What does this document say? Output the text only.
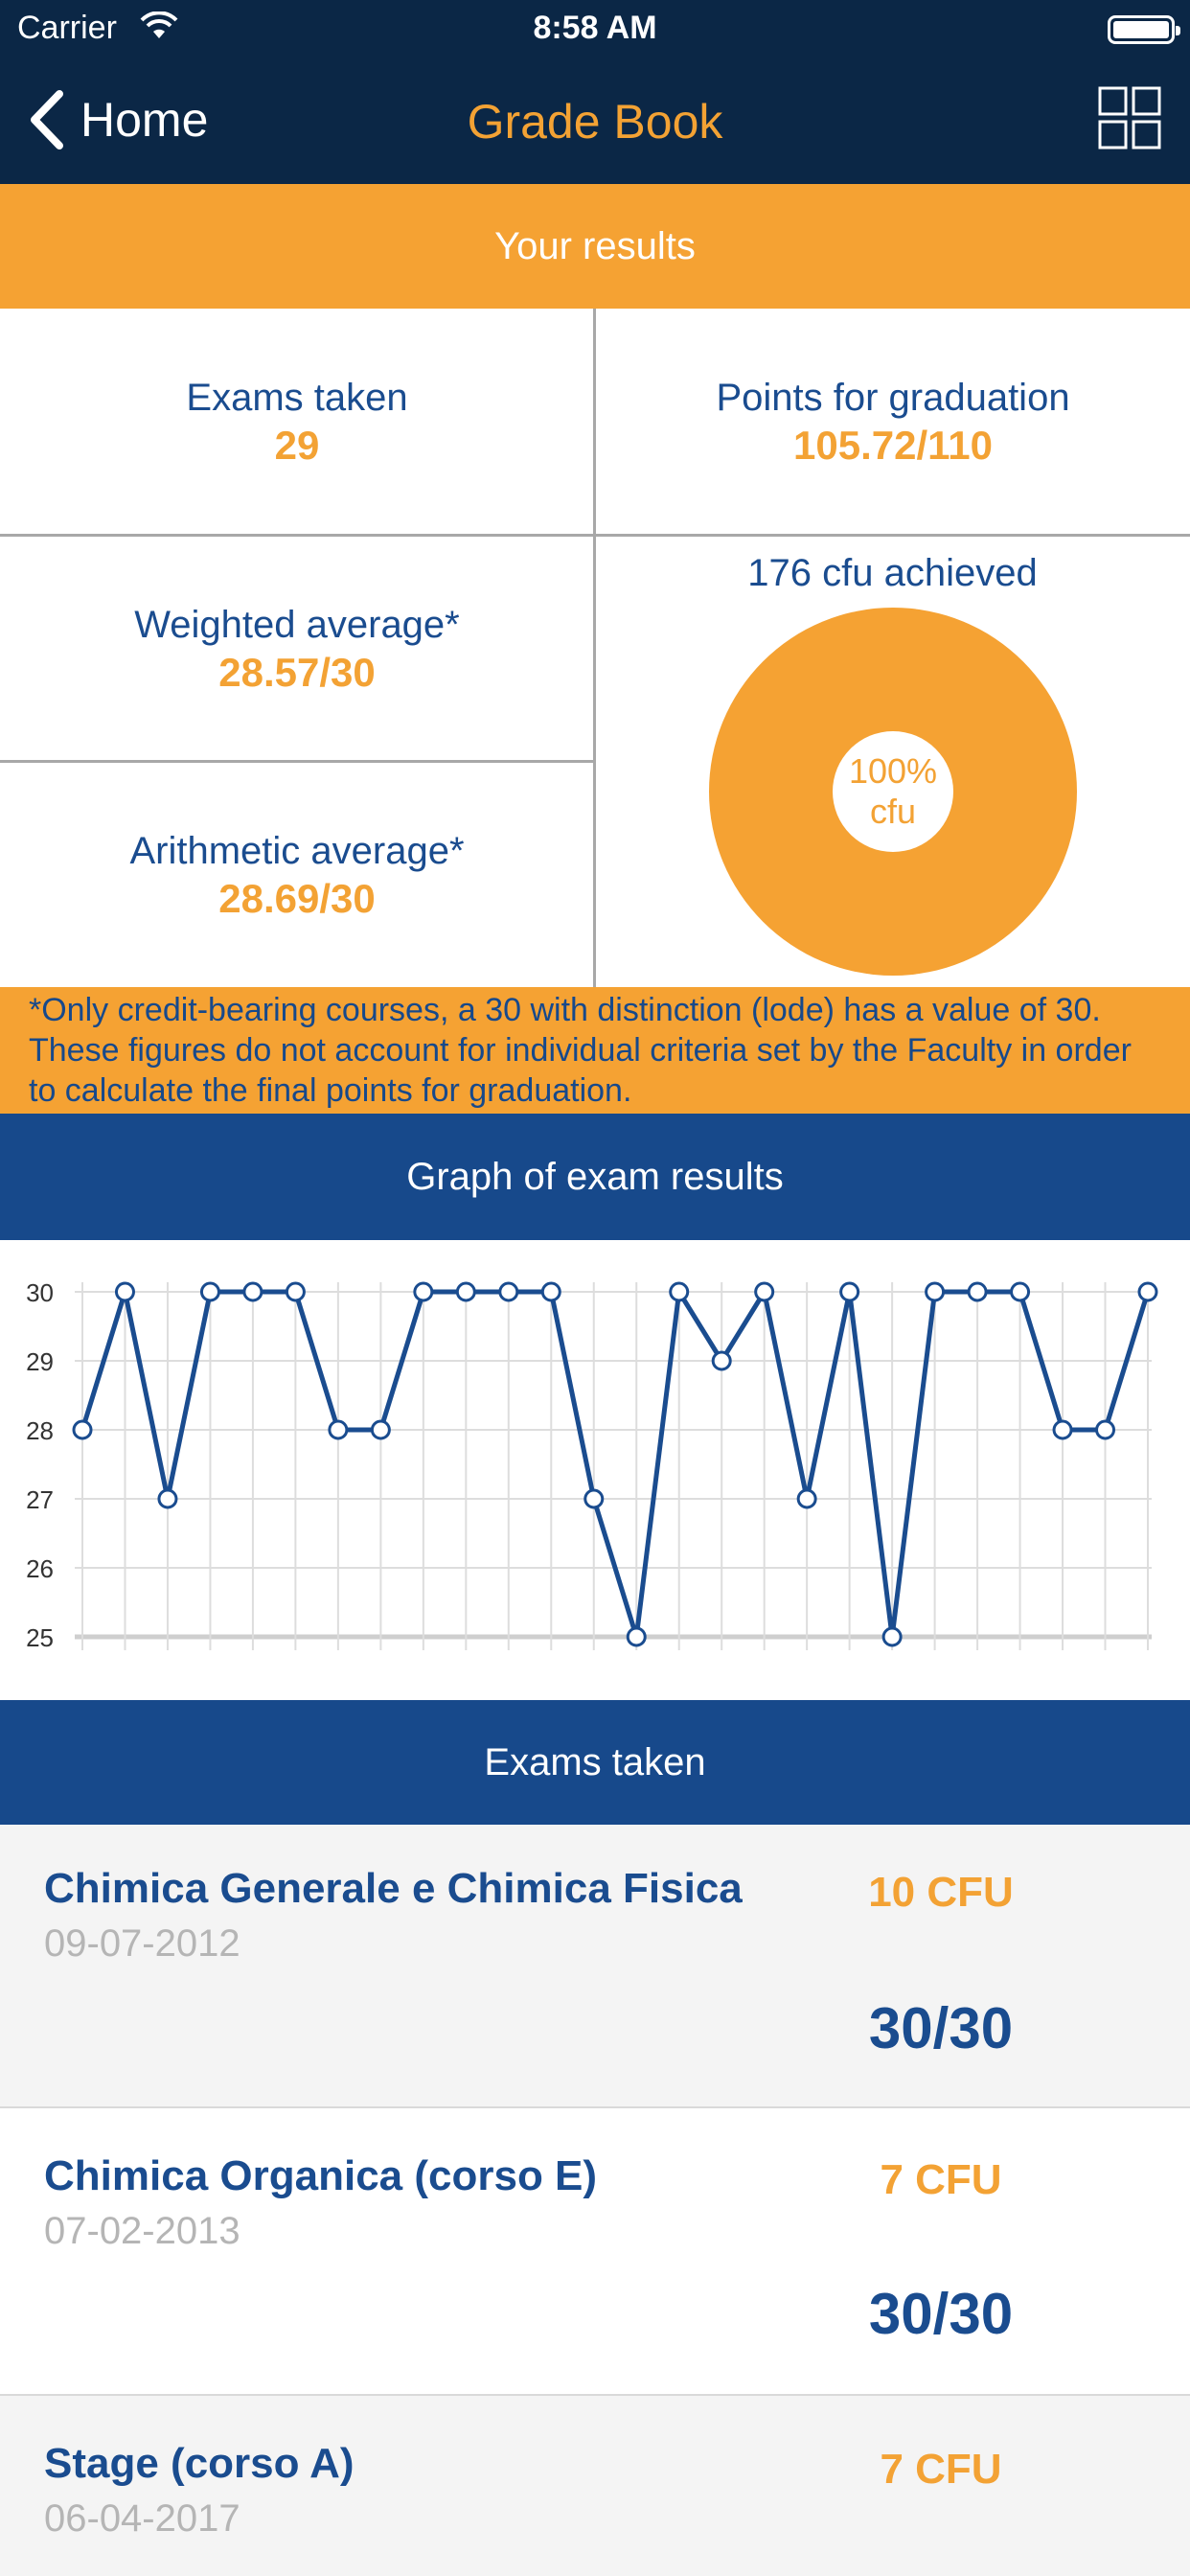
Carrier	8:58 AM
Home	Grade Book
Your results
Exams taken
29
Points for graduation
105.72/110
Weighted average*
28.57/30
Arithmetic average*
28.69/30
176 cfu achieved
100%
cfu
*Only credit-bearing courses, a 30 with distinction (lode) has a value of 30. These figures do not account for individual criteria set by the Faculty in order to calculate the final points for graduation.
Graph of exam results
25
26
27
28
29
30
Exams taken
Chimica Generale e Chimica Fisica
09-07-2012
10 CFU
30/30
Chimica Organica (corso E)
07-02-2013
7 CFU
30/30
Stage (corso A)
06-04-2017
7 CFU
